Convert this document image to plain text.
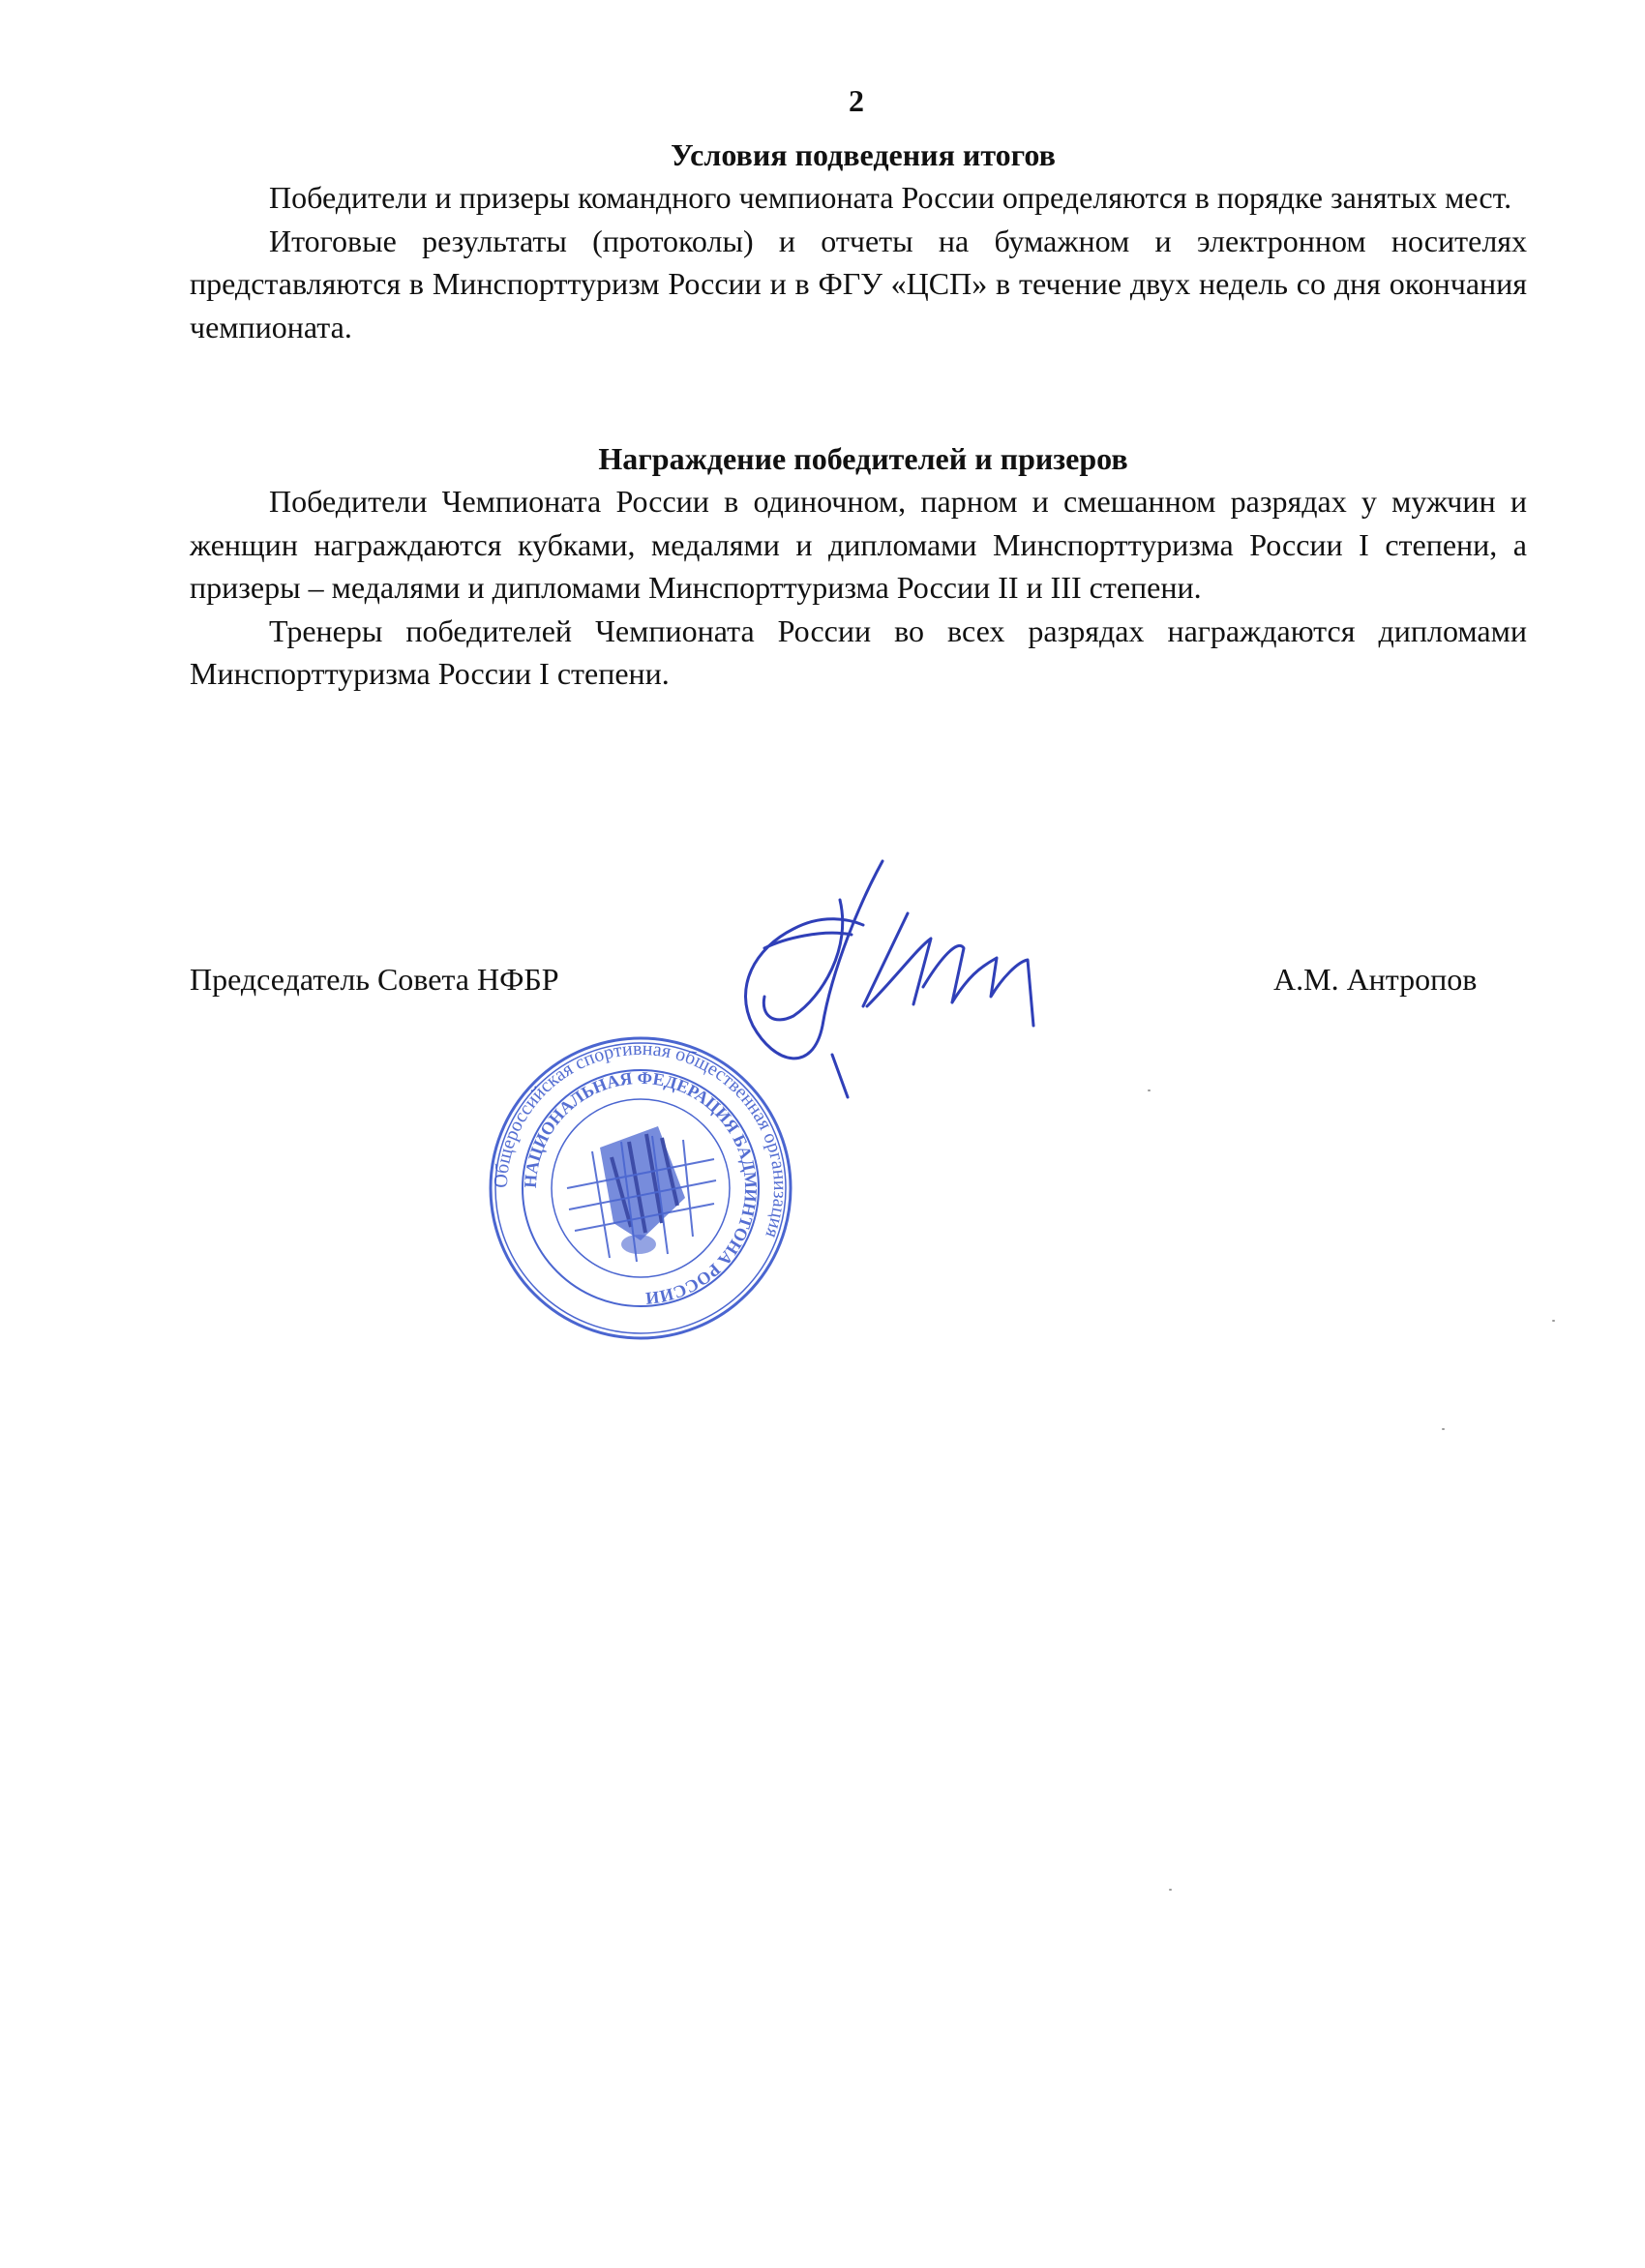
2
Условия подведения итогов

Победители и призеры командного чемпионата России определяются в порядке занятых мест.

Итоговые результаты (протоколы) и отчеты на бумажном и электронном носителях представляются в Минспорттуризм России и в ФГУ «ЦСП» в течение двух недель со дня окончания чемпионата.

Награждение победителей и призеров

Победители Чемпионата России в одиночном, парном и смешанном разрядах у мужчин и женщин награждаются кубками, медалями и дипломами Минспорттуризма России I степени, а призеры – медалями и дипломами Минспорттуризма России II и III степени.

Тренеры победителей Чемпионата России во всех разрядах награждаются дипломами Минспорттуризма России I степени.

Председатель Совета НФБР	А.М. Антропов
Общероссийская спортивная общественная организация
НАЦИОНАЛЬНАЯ ФЕДЕРАЦИЯ БАДМИНТОНА РОССИИ
